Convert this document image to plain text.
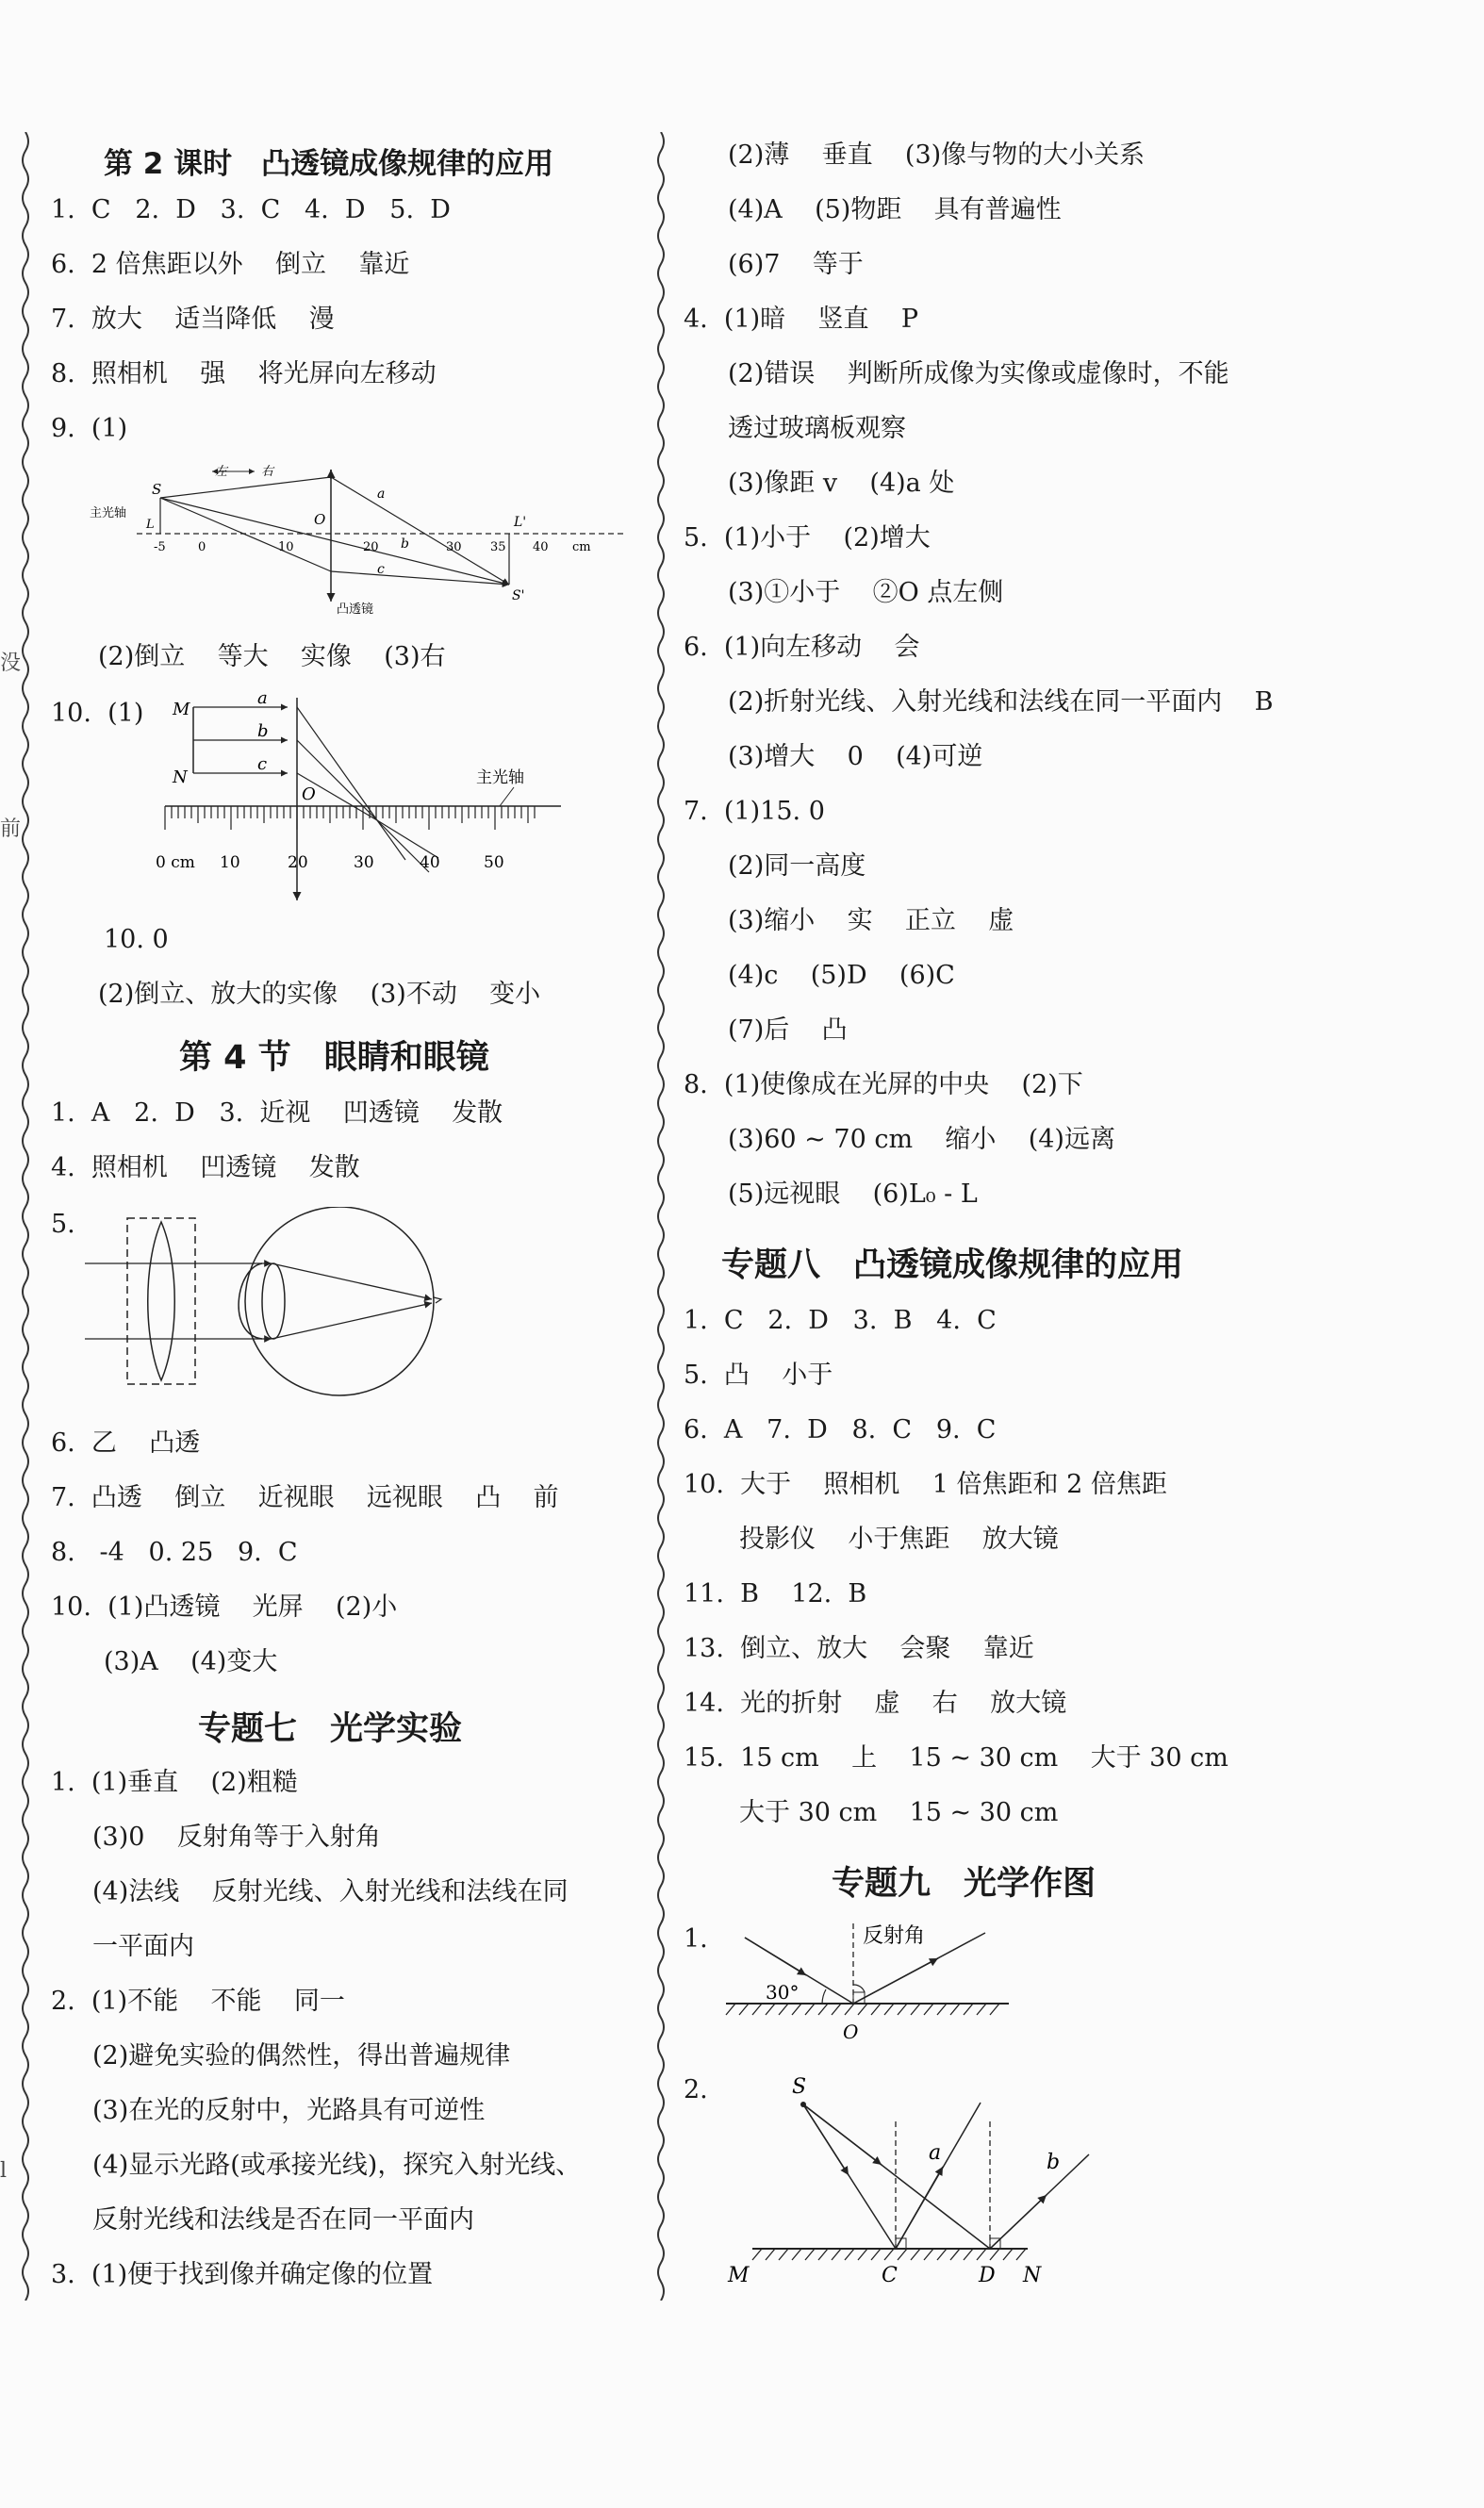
没
前
l
第 2 课时　凸透镜成像规律的应用
1.  C   2.  D   3.  C   4.  D   5.  D
6.  2 倍焦距以外    倒立    靠近
7.  放大    适当降低    漫
8.  照相机    强    将光屏向左移动
9.  (1)
左	右
S
L	L'
S'
O
主光轴
凸透镜
a
b
c
-5	0	10	20	30 35 40 cm
(2)倒立    等大    实像    (3)右
10.  (1)
主光轴
M
N
O
a
b
c
0 cm 10	20	30	40	50
10. 0
(2)倒立、放大的实像    (3)不动    变小
第 4 节　眼睛和眼镜
1.  A   2.  D   3.  近视    凹透镜    发散
4.  照相机    凹透镜    发散
5.
6.  乙    凸透
7.  凸透    倒立    近视眼    远视眼    凸    前
8.   -4   0. 25   9.  C
10.  (1)凸透镜    光屏    (2)小
(3)A    (4)变大
专题七　光学实验
1.  (1)垂直    (2)粗糙
(3)0    反射角等于入射角
(4)法线    反射光线、入射光线和法线在同
一平面内
2.  (1)不能    不能    同一
(2)避免实验的偶然性，得出普遍规律
(3)在光的反射中，光路具有可逆性
(4)显示光路(或承接光线)，探究入射光线、
反射光线和法线是否在同一平面内
3.  (1)便于找到像并确定像的位置
(2)薄    垂直    (3)像与物的大小关系
(4)A    (5)物距    具有普遍性
(6)7    等于
4.  (1)暗    竖直    P
(2)错误    判断所成像为实像或虚像时，不能
透过玻璃板观察
(3)像距 v    (4)a 处
5.  (1)小于    (2)增大
(3)①小于    ②O 点左侧
6.  (1)向左移动    会
(2)折射光线、入射光线和法线在同一平面内    B
(3)增大    0    (4)可逆
7.  (1)15. 0
(2)同一高度
(3)缩小    实    正立    虚
(4)c    (5)D    (6)C
(7)后    凸
8.  (1)使像成在光屏的中央    (2)下
(3)60 ~ 70 cm    缩小    (4)远离
(5)远视眼    (6)L₀ - L
专题八　凸透镜成像规律的应用
1.  C   2.  D   3.  B   4.  C
5.  凸    小于
6.  A   7.  D   8.  C   9.  C
10.  大于    照相机    1 倍焦距和 2 倍焦距
投影仪    小于焦距    放大镜
11.  B    12.  B
13.  倒立、放大    会聚    靠近
14.  光的折射    虚    右    放大镜
15.  15 cm    上    15 ~ 30 cm    大于 30 cm
大于 30 cm    15 ~ 30 cm
专题九　光学作图
1.	反射角
30°
O
2.	S
a	b
M	C	D N
